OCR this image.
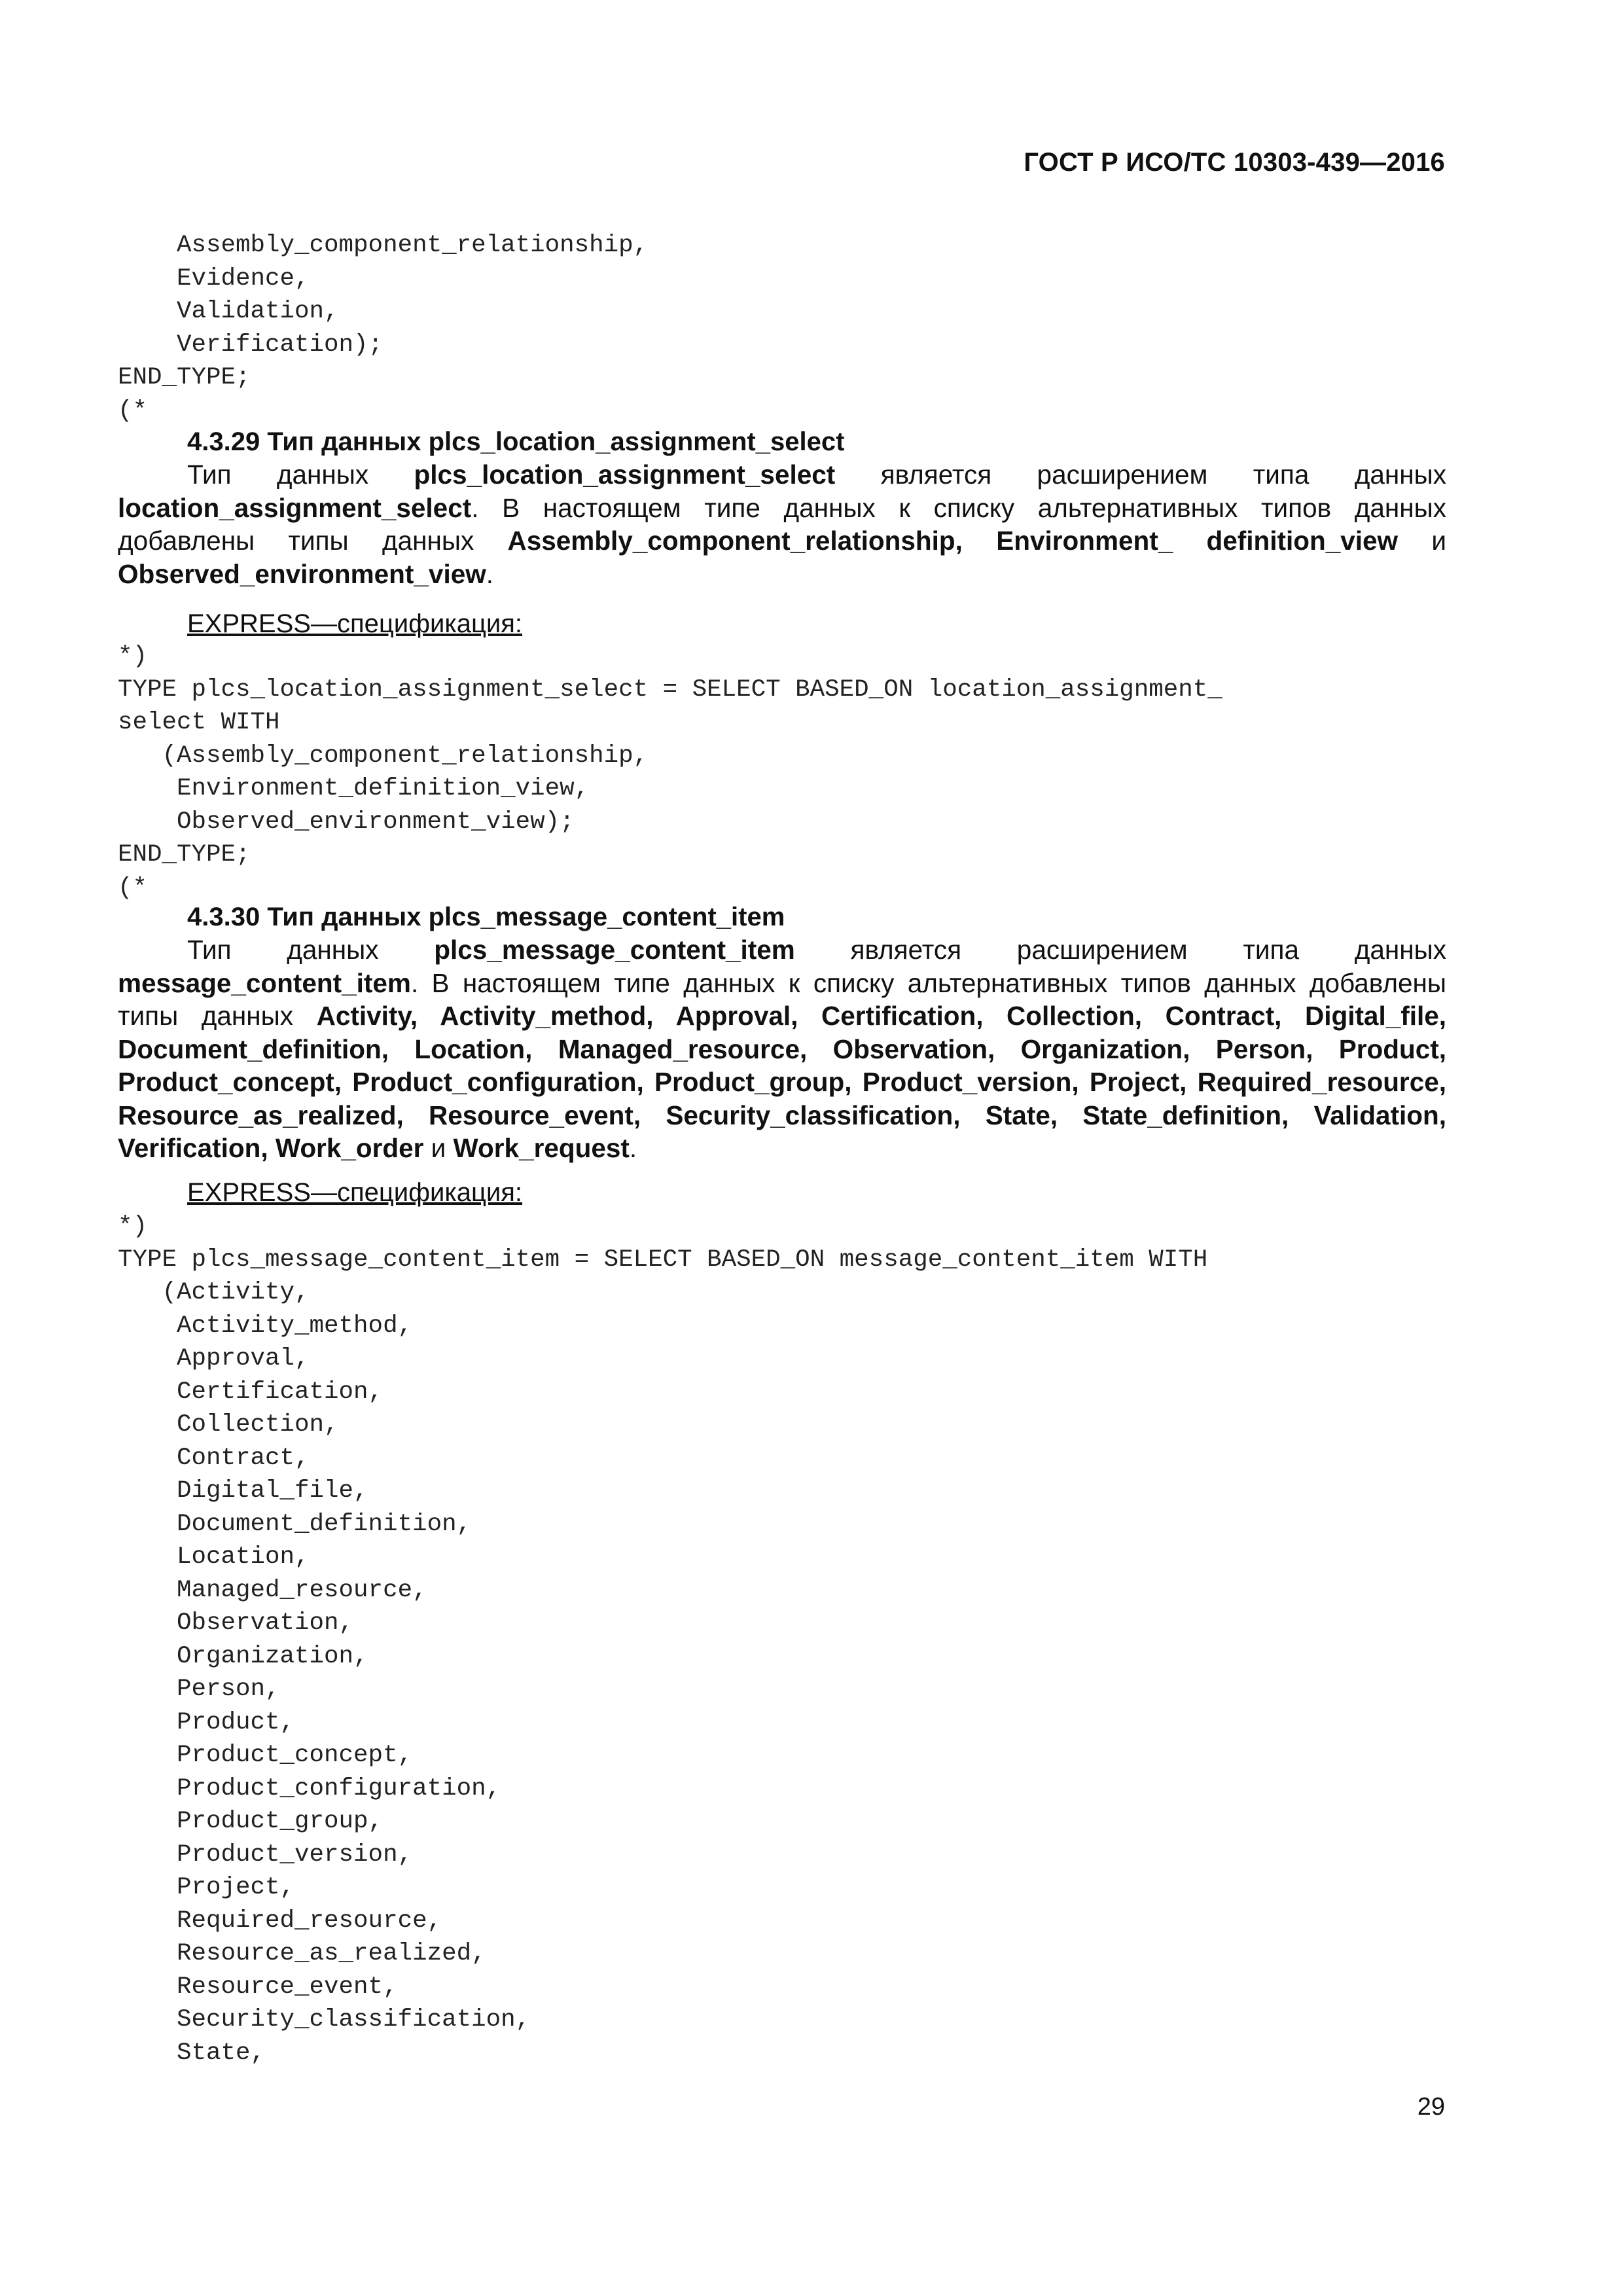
ГОСТ Р ИСО/ТС 10303-439—2016
Assembly_component_relationship,
Evidence,
Validation,
Verification);
END_TYPE;
(*
4.3.29 Тип данных plcs_location_assignment_select
Тип данных plcs_location_assignment_select является расширением типа данных location_assignment_select. В настоящем типе данных к списку альтернативных типов данных добавлены типы данных Assembly_component_relationship, Environment_ definition_view и Observed_environment_view.
EXPRESS—спецификация:
*)
TYPE plcs_location_assignment_select = SELECT BASED_ON location_assignment_
select WITH
(Assembly_component_relationship,
Environment_definition_view,
Observed_environment_view);
END_TYPE;
(*
4.3.30 Тип данных plcs_message_content_item
Тип данных plcs_message_content_item является расширением типа данных message_content_item. В настоящем типе данных к списку альтернативных типов данных добавлены типы данных Activity, Activity_method, Approval, Certification, Collection, Contract, Digital_file, Document_definition, Location, Managed_resource, Observation, Organization, Person, Product, Product_concept, Product_configuration, Product_group, Product_version, Project, Required_resource, Resource_as_realized, Resource_event, Security_classification, State, State_definition, Validation, Verification, Work_order и Work_request.
EXPRESS—спецификация:
*)
TYPE plcs_message_content_item = SELECT BASED_ON message_content_item WITH
(Activity,
Activity_method,
Approval,
Certification,
Collection,
Contract,
Digital_file,
Document_definition,
Location,
Managed_resource,
Observation,
Organization,
Person,
Product,
Product_concept,
Product_configuration,
Product_group,
Product_version,
Project,
Required_resource,
Resource_as_realized,
Resource_event,
Security_classification,
State,
29
